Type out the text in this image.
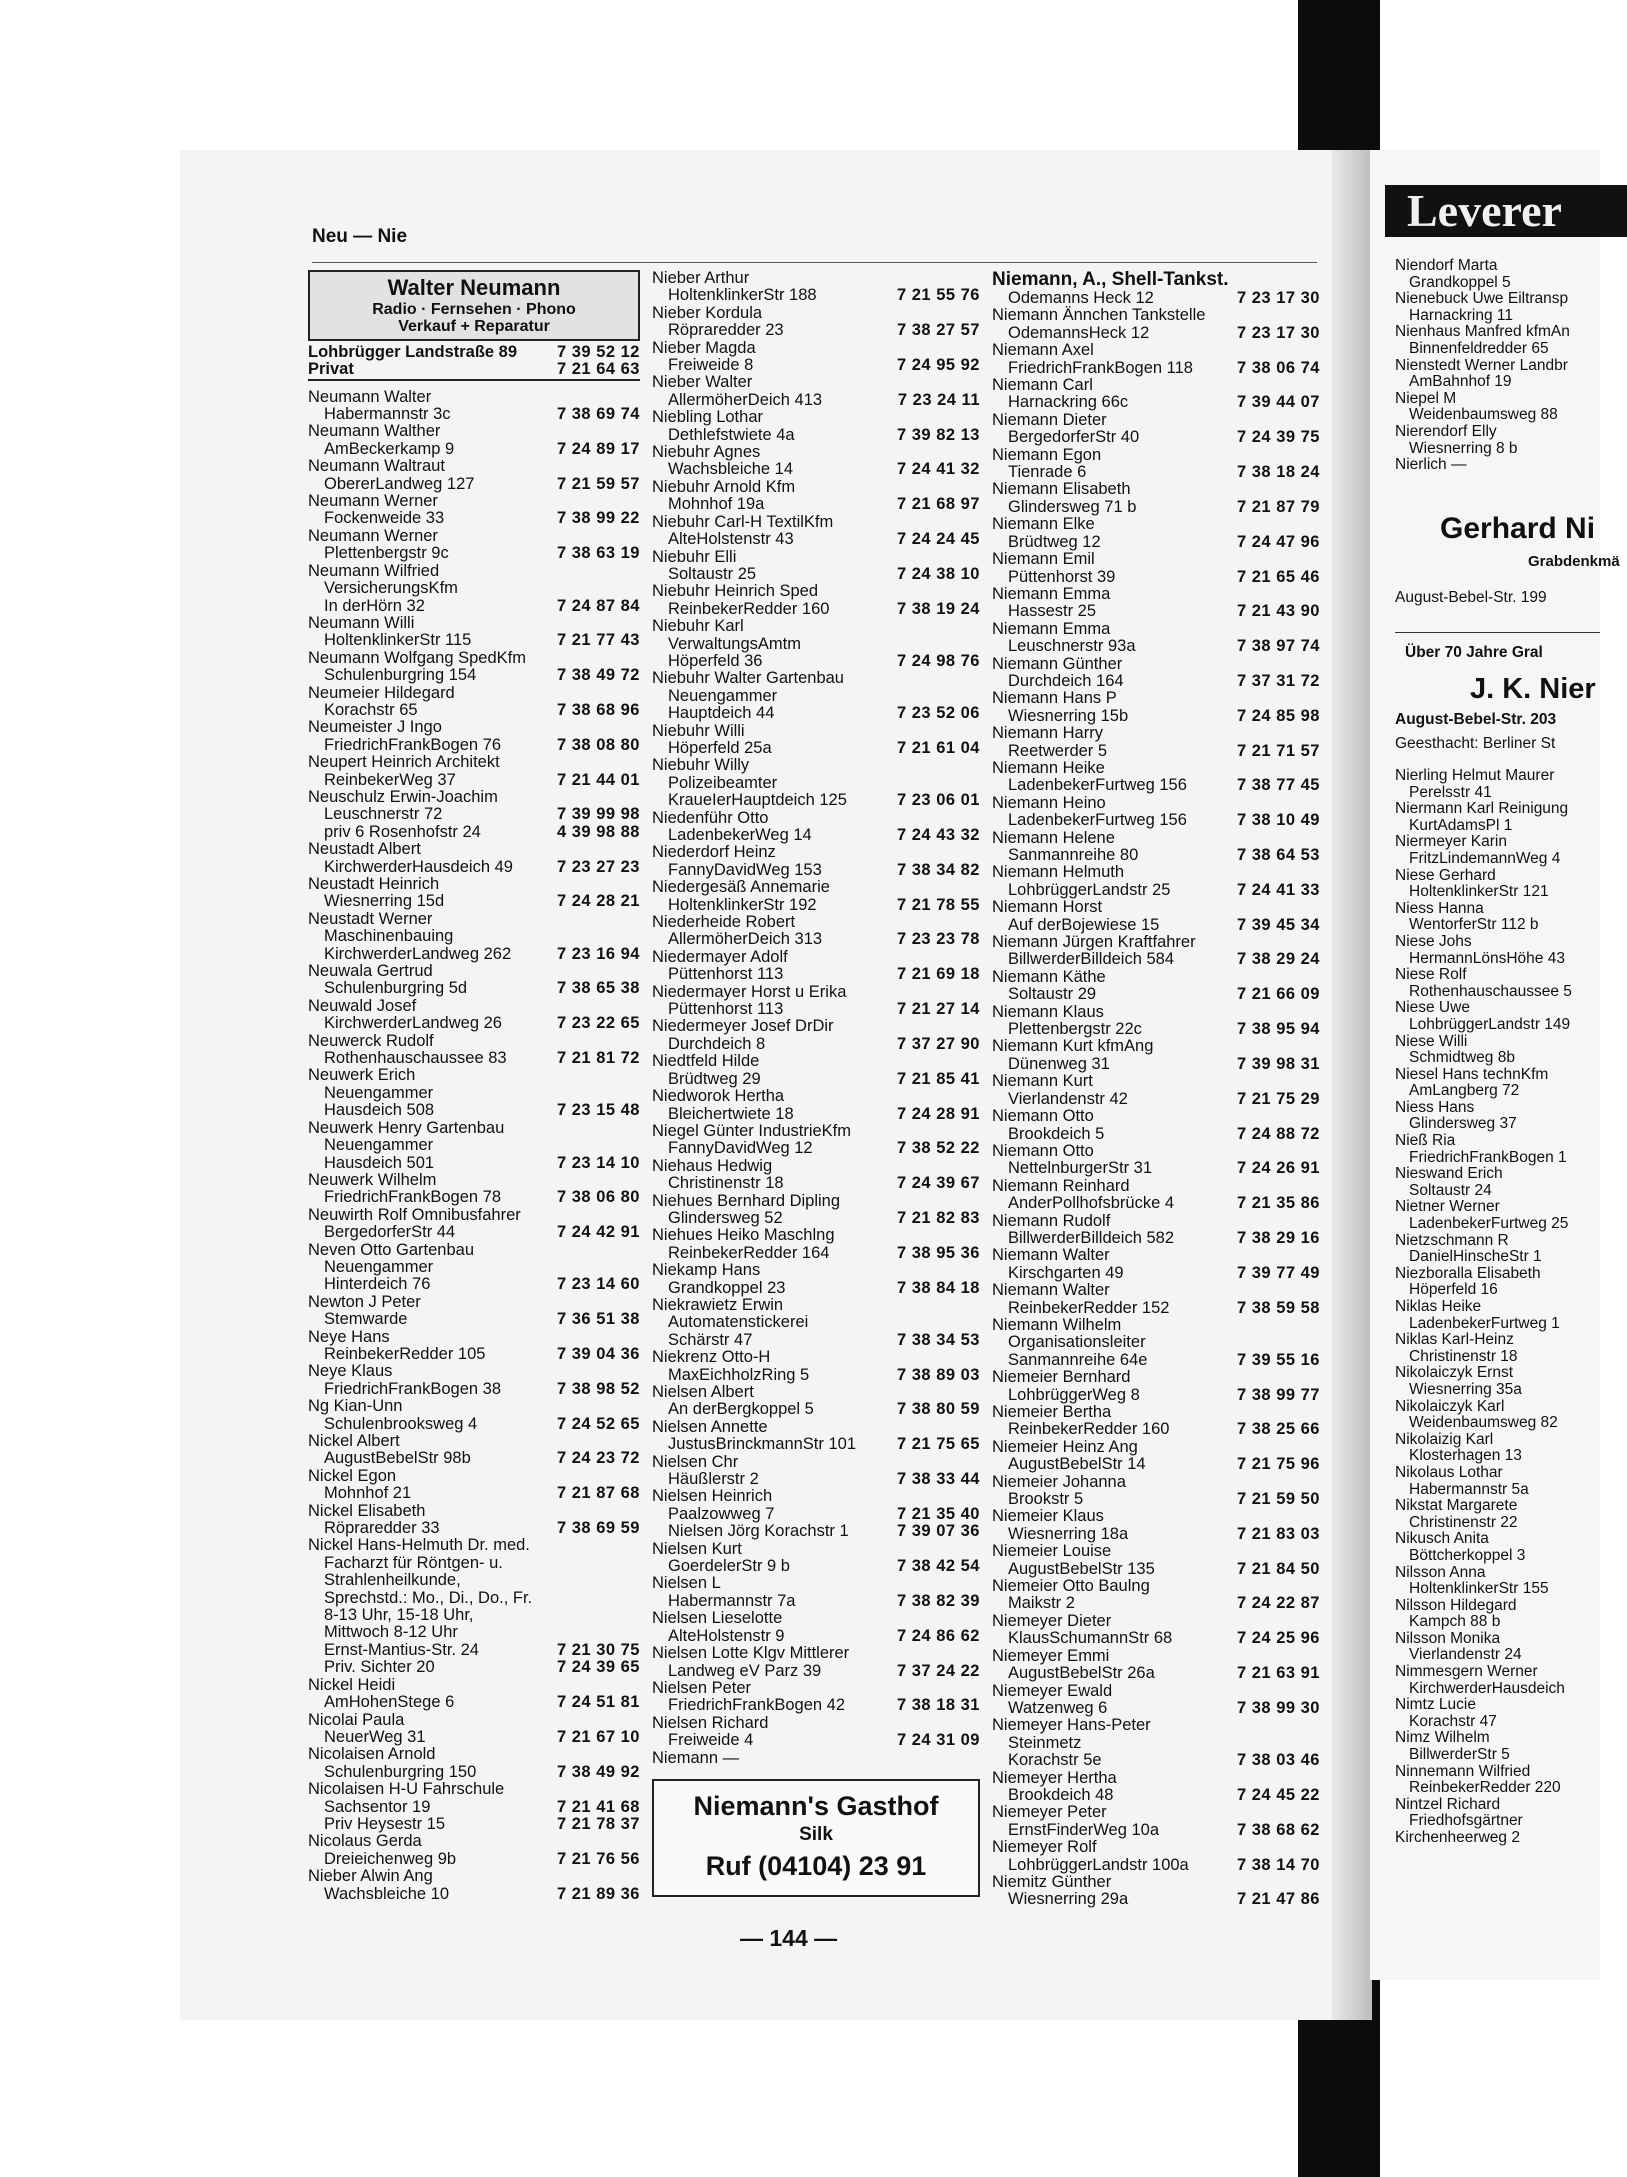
Neu — Nie
Walter Neumann
Radio · Fernsehen · Phono
Verkauf + Reparatur
Lohbrügger Landstraße 89 7 39 52 12
Privat	7 21 64 63
Neumann Walter
Habermannstr 3c	7 38 69 74
Neumann Walther
AmBeckerkamp 9	7 24 89 17
Neumann Waltraut
ObererLandweg 127	7 21 59 57
Neumann Werner
Fockenweide 33	7 38 99 22
Neumann Werner
Plettenbergstr 9c	7 38 63 19
Neumann Wilfried
VersicherungsKfm
In derHörn 32	7 24 87 84
Neumann Willi
HoltenklinkerStr 115	7 21 77 43
Neumann Wolfgang SpedKfm
Schulenburgring 154	7 38 49 72
Neumeier Hildegard
Korachstr 65	7 38 68 96
Neumeister J Ingo
FriedrichFrankBogen 76	7 38 08 80
Neupert Heinrich Architekt
ReinbekerWeg 37	7 21 44 01
Neuschulz Erwin-Joachim
Leuschnerstr 72	7 39 99 98
priv 6 Rosenhofstr 24	4 39 98 88
Neustadt Albert
KirchwerderHausdeich 49	7 23 27 23
Neustadt Heinrich
Wiesnerring 15d	7 24 28 21
Neustadt Werner
Maschinenbauing
KirchwerderLandweg 262	7 23 16 94
Neuwala Gertrud
Schulenburgring 5d	7 38 65 38
Neuwald Josef
KirchwerderLandweg 26	7 23 22 65
Neuwerck Rudolf
Rothenhauschaussee 83	7 21 81 72
Neuwerk Erich
Neuengammer
Hausdeich 508	7 23 15 48
Neuwerk Henry Gartenbau
Neuengammer
Hausdeich 501	7 23 14 10
Neuwerk Wilhelm
FriedrichFrankBogen 78	7 38 06 80
Neuwirth Rolf Omnibusfahrer
BergedorferStr 44	7 24 42 91
Neven Otto Gartenbau
Neuengammer
Hinterdeich 76	7 23 14 60
Newton J Peter
Stemwarde	7 36 51 38
Neye Hans
ReinbekerRedder 105	7 39 04 36
Neye Klaus
FriedrichFrankBogen 38	7 38 98 52
Ng Kian-Unn
Schulenbrooksweg 4	7 24 52 65
Nickel Albert
AugustBebelStr 98b	7 24 23 72
Nickel Egon
Mohnhof 21	7 21 87 68
Nickel Elisabeth
Röpraredder 33	7 38 69 59
Nickel Hans-Helmuth Dr. med.
Facharzt für Röntgen- u.
Strahlenheilkunde,
Sprechstd.: Mo., Di., Do., Fr.
8-13 Uhr, 15-18 Uhr,
Mittwoch 8-12 Uhr
Ernst-Mantius-Str. 24	7 21 30 75
Priv. Sichter 20	7 24 39 65
Nickel Heidi
AmHohenStege 6	7 24 51 81
Nicolai Paula
NeuerWeg 31	7 21 67 10
Nicolaisen Arnold
Schulenburgring 150	7 38 49 92
Nicolaisen H-U Fahrschule
Sachsentor 19	7 21 41 68
Priv Heysestr 15	7 21 78 37
Nicolaus Gerda
Dreieichenweg 9b	7 21 76 56
Nieber Alwin Ang
Wachsbleiche 10	7 21 89 36
Nieber Arthur
HoltenklinkerStr 188	7 21 55 76
Nieber Kordula
Röpraredder 23	7 38 27 57
Nieber Magda
Freiweide 8	7 24 95 92
Nieber Walter
AllermöherDeich 413	7 23 24 11
Niebling Lothar
Dethlefstwiete 4a	7 39 82 13
Niebuhr Agnes
Wachsbleiche 14	7 24 41 32
Niebuhr Arnold Kfm
Mohnhof 19a	7 21 68 97
Niebuhr Carl-H TextilKfm
AlteHolstenstr 43	7 24 24 45
Niebuhr Elli
Soltaustr 25	7 24 38 10
Niebuhr Heinrich Sped
ReinbekerRedder 160	7 38 19 24
Niebuhr Karl
VerwaltungsAmtm
Höperfeld 36	7 24 98 76
Niebuhr Walter Gartenbau
Neuengammer
Hauptdeich 44	7 23 52 06
Niebuhr Willi
Höperfeld 25a	7 21 61 04
Niebuhr Willy
Polizeibeamter
KraueIerHauptdeich 125	7 23 06 01
Niedenführ Otto
LadenbekerWeg 14	7 24 43 32
Niederdorf Heinz
FannyDavidWeg 153	7 38 34 82
Niedergesäß Annemarie
HoltenklinkerStr 192	7 21 78 55
Niederheide Robert
AllermöherDeich 313	7 23 23 78
Niedermayer Adolf
Püttenhorst 113	7 21 69 18
Niedermayer Horst u Erika
Püttenhorst 113	7 21 27 14
Niedermeyer Josef DrDir
Durchdeich 8	7 37 27 90
Niedtfeld Hilde
Brüdtweg 29	7 21 85 41
Niedworok Hertha
Bleichertwiete 18	7 24 28 91
Niegel Günter IndustrieKfm
FannyDavidWeg 12	7 38 52 22
Niehaus Hedwig
Christinenstr 18	7 24 39 67
Niehues Bernhard Dipling
Glindersweg 52	7 21 82 83
Niehues Heiko Maschlng
ReinbekerRedder 164	7 38 95 36
Niekamp Hans
Grandkoppel 23	7 38 84 18
Niekrawietz Erwin
Automatenstickerei
Schärstr 47	7 38 34 53
Niekrenz Otto-H
MaxEichholzRing 5	7 38 89 03
Nielsen Albert
An derBergkoppel 5	7 38 80 59
Nielsen Annette
JustusBrinckmannStr 101 7 21 75 65
Nielsen Chr
Häußlerstr 2	7 38 33 44
Nielsen Heinrich
Paalzowweg 7	7 21 35 40
Nielsen Jörg Korachstr 1	7 39 07 36
Nielsen Kurt
GoerdelerStr 9 b	7 38 42 54
Nielsen L
Habermannstr 7a	7 38 82 39
Nielsen Lieselotte
AlteHolstenstr 9	7 24 86 62
Nielsen Lotte Klgv Mittlerer
Landweg eV Parz 39	7 37 24 22
Nielsen Peter
FriedrichFrankBogen 42	7 38 18 31
Nielsen Richard
Freiweide 4	7 24 31 09
Niemann —
Niemann's Gasthof
Silk
Ruf (04104) 23 91
Niemann, A., Shell-Tankst.
Odemanns Heck 12	7 23 17 30
Niemann Ännchen Tankstelle
OdemannsHeck 12	7 23 17 30
Niemann Axel
FriedrichFrankBogen 118	7 38 06 74
Niemann Carl
Harnackring 66c	7 39 44 07
Niemann Dieter
BergedorferStr 40	7 24 39 75
Niemann Egon
Tienrade 6	7 38 18 24
Niemann Elisabeth
Glindersweg 71 b	7 21 87 79
Niemann Elke
Brüdtweg 12	7 24 47 96
Niemann Emil
Püttenhorst 39	7 21 65 46
Niemann Emma
Hassestr 25	7 21 43 90
Niemann Emma
Leuschnerstr 93a	7 38 97 74
Niemann Günther
Durchdeich 164	7 37 31 72
Niemann Hans P
Wiesnerring 15b	7 24 85 98
Niemann Harry
Reetwerder 5	7 21 71 57
Niemann Heike
LadenbekerFurtweg 156	7 38 77 45
Niemann Heino
LadenbekerFurtweg 156	7 38 10 49
Niemann Helene
Sanmannreihe 80	7 38 64 53
Niemann Helmuth
LohbrüggerLandstr 25	7 24 41 33
Niemann Horst
Auf derBojewiese 15	7 39 45 34
Niemann Jürgen Kraftfahrer
BillwerderBilldeich 584	7 38 29 24
Niemann Käthe
Soltaustr 29	7 21 66 09
Niemann Klaus
Plettenbergstr 22c	7 38 95 94
Niemann Kurt kfmAng
Dünenweg 31	7 39 98 31
Niemann Kurt
Vierlandenstr 42	7 21 75 29
Niemann Otto
Brookdeich 5	7 24 88 72
Niemann Otto
NettelnburgerStr 31	7 24 26 91
Niemann Reinhard
AnderPollhofsbrücke 4	7 21 35 86
Niemann Rudolf
BillwerderBilldeich 582	7 38 29 16
Niemann Walter
Kirschgarten 49	7 39 77 49
Niemann Walter
ReinbekerRedder 152	7 38 59 58
Niemann Wilhelm
Organisationsleiter
Sanmannreihe 64e	7 39 55 16
Niemeier Bernhard
LohbrüggerWeg 8	7 38 99 77
Niemeier Bertha
ReinbekerRedder 160	7 38 25 66
Niemeier Heinz Ang
AugustBebelStr 14	7 21 75 96
Niemeier Johanna
Brookstr 5	7 21 59 50
Niemeier Klaus
Wiesnerring 18a	7 21 83 03
Niemeier Louise
AugustBebelStr 135	7 21 84 50
Niemeier Otto Baulng
Maikstr 2	7 24 22 87
Niemeyer Dieter
KlausSchumannStr 68	7 24 25 96
Niemeyer Emmi
AugustBebelStr 26a	7 21 63 91
Niemeyer Ewald
Watzenweg 6	7 38 99 30
Niemeyer Hans-Peter
Steinmetz
Korachstr 5e	7 38 03 46
Niemeyer Hertha
Brookdeich 48	7 24 45 22
Niemeyer Peter
ErnstFinderWeg 10a	7 38 68 62
Niemeyer Rolf
LohbrüggerLandstr 100a	7 38 14 70
Niemitz Günther
Wiesnerring 29a	7 21 47 86
— 144 —
Leverer
Niendorf Marta
Grandkoppel 5
Nienebuck Uwe Eiltransp
Harnackring 11
Nienhaus Manfred kfmAn
Binnenfeldredder 65
Nienstedt Werner Landbr
AmBahnhof 19
Niepel M
Weidenbaumsweg 88
Nierendorf Elly
Wiesnerring 8 b
Nierlich —
Gerhard Ni
Grabdenkmä
August-Bebel-Str. 199
Über 70 Jahre Gral
J. K. Nier
August-Bebel-Str. 203
Geesthacht: Berliner St
Nierling Helmut Maurer
Perelsstr 41
Niermann Karl Reinigung
KurtAdamsPl 1
Niermeyer Karin
FritzLindemannWeg 4
Niese Gerhard
HoltenklinkerStr 121
Niess Hanna
WentorferStr 112 b
Niese Johs
HermannLönsHöhe 43
Niese Rolf
Rothenhauschaussee 5
Niese Uwe
LohbrüggerLandstr 149
Niese Willi
Schmidtweg 8b
Niesel Hans technKfm
AmLangberg 72
Niess Hans
Glindersweg 37
Nieß Ria
FriedrichFrankBogen 1
Nieswand Erich
Soltaustr 24
Nietner Werner
LadenbekerFurtweg 25
Nietzschmann R
DanielHinscheStr 1
Niezboralla Elisabeth
Höperfeld 16
Niklas Heike
LadenbekerFurtweg 1
Niklas Karl-Heinz
Christinenstr 18
Nikolaiczyk Ernst
Wiesnerring 35a
Nikolaiczyk Karl
Weidenbaumsweg 82
Nikolaizig Karl
Klosterhagen 13
Nikolaus Lothar
Habermannstr 5a
Nikstat Margarete
Christinenstr 22
Nikusch Anita
Böttcherkoppel 3
Nilsson Anna
HoltenklinkerStr 155
Nilsson Hildegard
Kampch 88 b
Nilsson Monika
Vierlandenstr 24
Nimmesgern Werner
KirchwerderHausdeich
Nimtz Lucie
Korachstr 47
Nimz Wilhelm
BillwerderStr 5
Ninnemann Wilfried
ReinbekerRedder 220
Nintzel Richard
Friedhofsgärtner
Kirchenheerweg 2
